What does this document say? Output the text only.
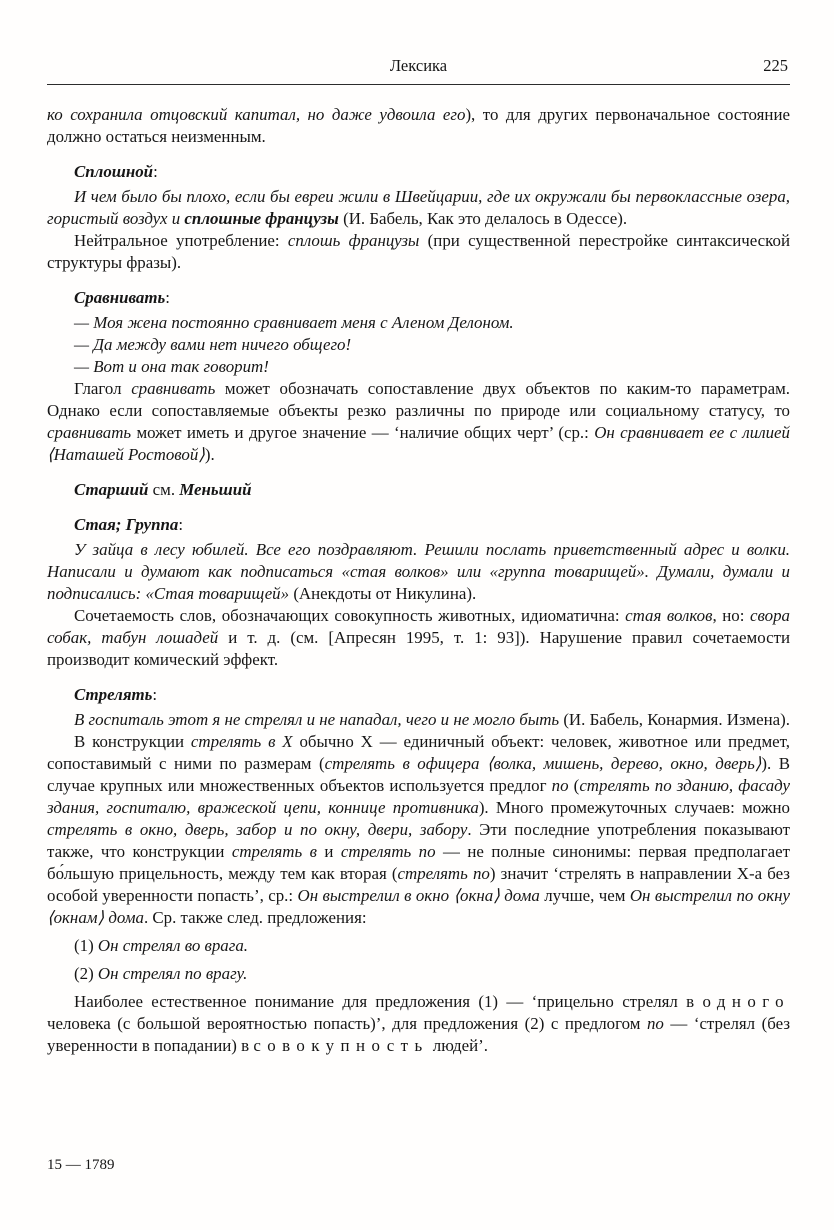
Лексика	225

ко сохранила отцовский капитал, но даже удвоила его), то для других первоначальное состояние должно остаться неизменным.

Сплошной:

И чем было бы плохо, если бы евреи жили в Швейцарии, где их окружали бы первоклассные озера, гористый воздух и сплошные французы (И. Бабель, Как это делалось в Одессе).

Нейтральное употребление: сплошь французы (при существенной перестройке синтаксической структуры фразы).

Сравнивать:

— Моя жена постоянно сравнивает меня с Аленом Делоном.

— Да между вами нет ничего общего!

— Вот и она так говорит!

Глагол сравнивать может обозначать сопоставление двух объектов по каким-то параметрам. Однако если сопоставляемые объекты резко различны по природе или социальному статусу, то сравнивать может иметь и другое значение — ‘наличие общих черт’ (ср.: Он сравнивает ее с лилией ⟨Наташей Ростовой⟩).

Старший см. Меньший

Стая; Группа:

У зайца в лесу юбилей. Все его поздравляют. Решили послать приветственный адрес и волки. Написали и думают как подписаться «стая волков» или «группа товарищей». Думали, думали и подписались: «Стая товарищей» (Анекдоты от Никулина).

Сочетаемость слов, обозначающих совокупность животных, идиоматична: стая волков, но: свора собак, табун лошадей и т. д. (см. [Апресян 1995, т. 1: 93]). Нарушение правил сочетаемости производит комический эффект.

Стрелять:

В госпиталь этот я не стрелял и не нападал, чего и не могло быть (И. Бабель, Конармия. Измена).

В конструкции стрелять в X обычно X — единичный объект: человек, животное или предмет, сопоставимый с ними по размерам (стрелять в офицера ⟨волка, мишень, дерево, окно, дверь⟩). В случае крупных или множественных объектов используется предлог по (стрелять по зданию, фасаду здания, госпиталю, вражеской цепи, коннице противника). Много промежуточных случаев: можно стрелять в окно, дверь, забор и по окну, двери, забору. Эти последние употребления показывают также, что конструкции стрелять в и стрелять по — не полные синонимы: первая предполагает бо́льшую прицельность, между тем как вторая (стрелять по) значит ‘стрелять в направлении X-а без особой уверенности попасть’, ср.: Он выстрелил в окно ⟨окна⟩ дома лучше, чем Он выстрелил по окну ⟨окнам⟩ дома. Ср. также след. предложения:

(1) Он стрелял во врага.

(2) Он стрелял по врагу.

Наиболее естественное понимание для предложения (1) — ‘прицельно стрелял в одного человека (с большой вероятностью попасть)’, для предложения (2) с предлогом по — ‘стрелял (без уверенности в попадании) в совокупность людей’.

15 — 1789
